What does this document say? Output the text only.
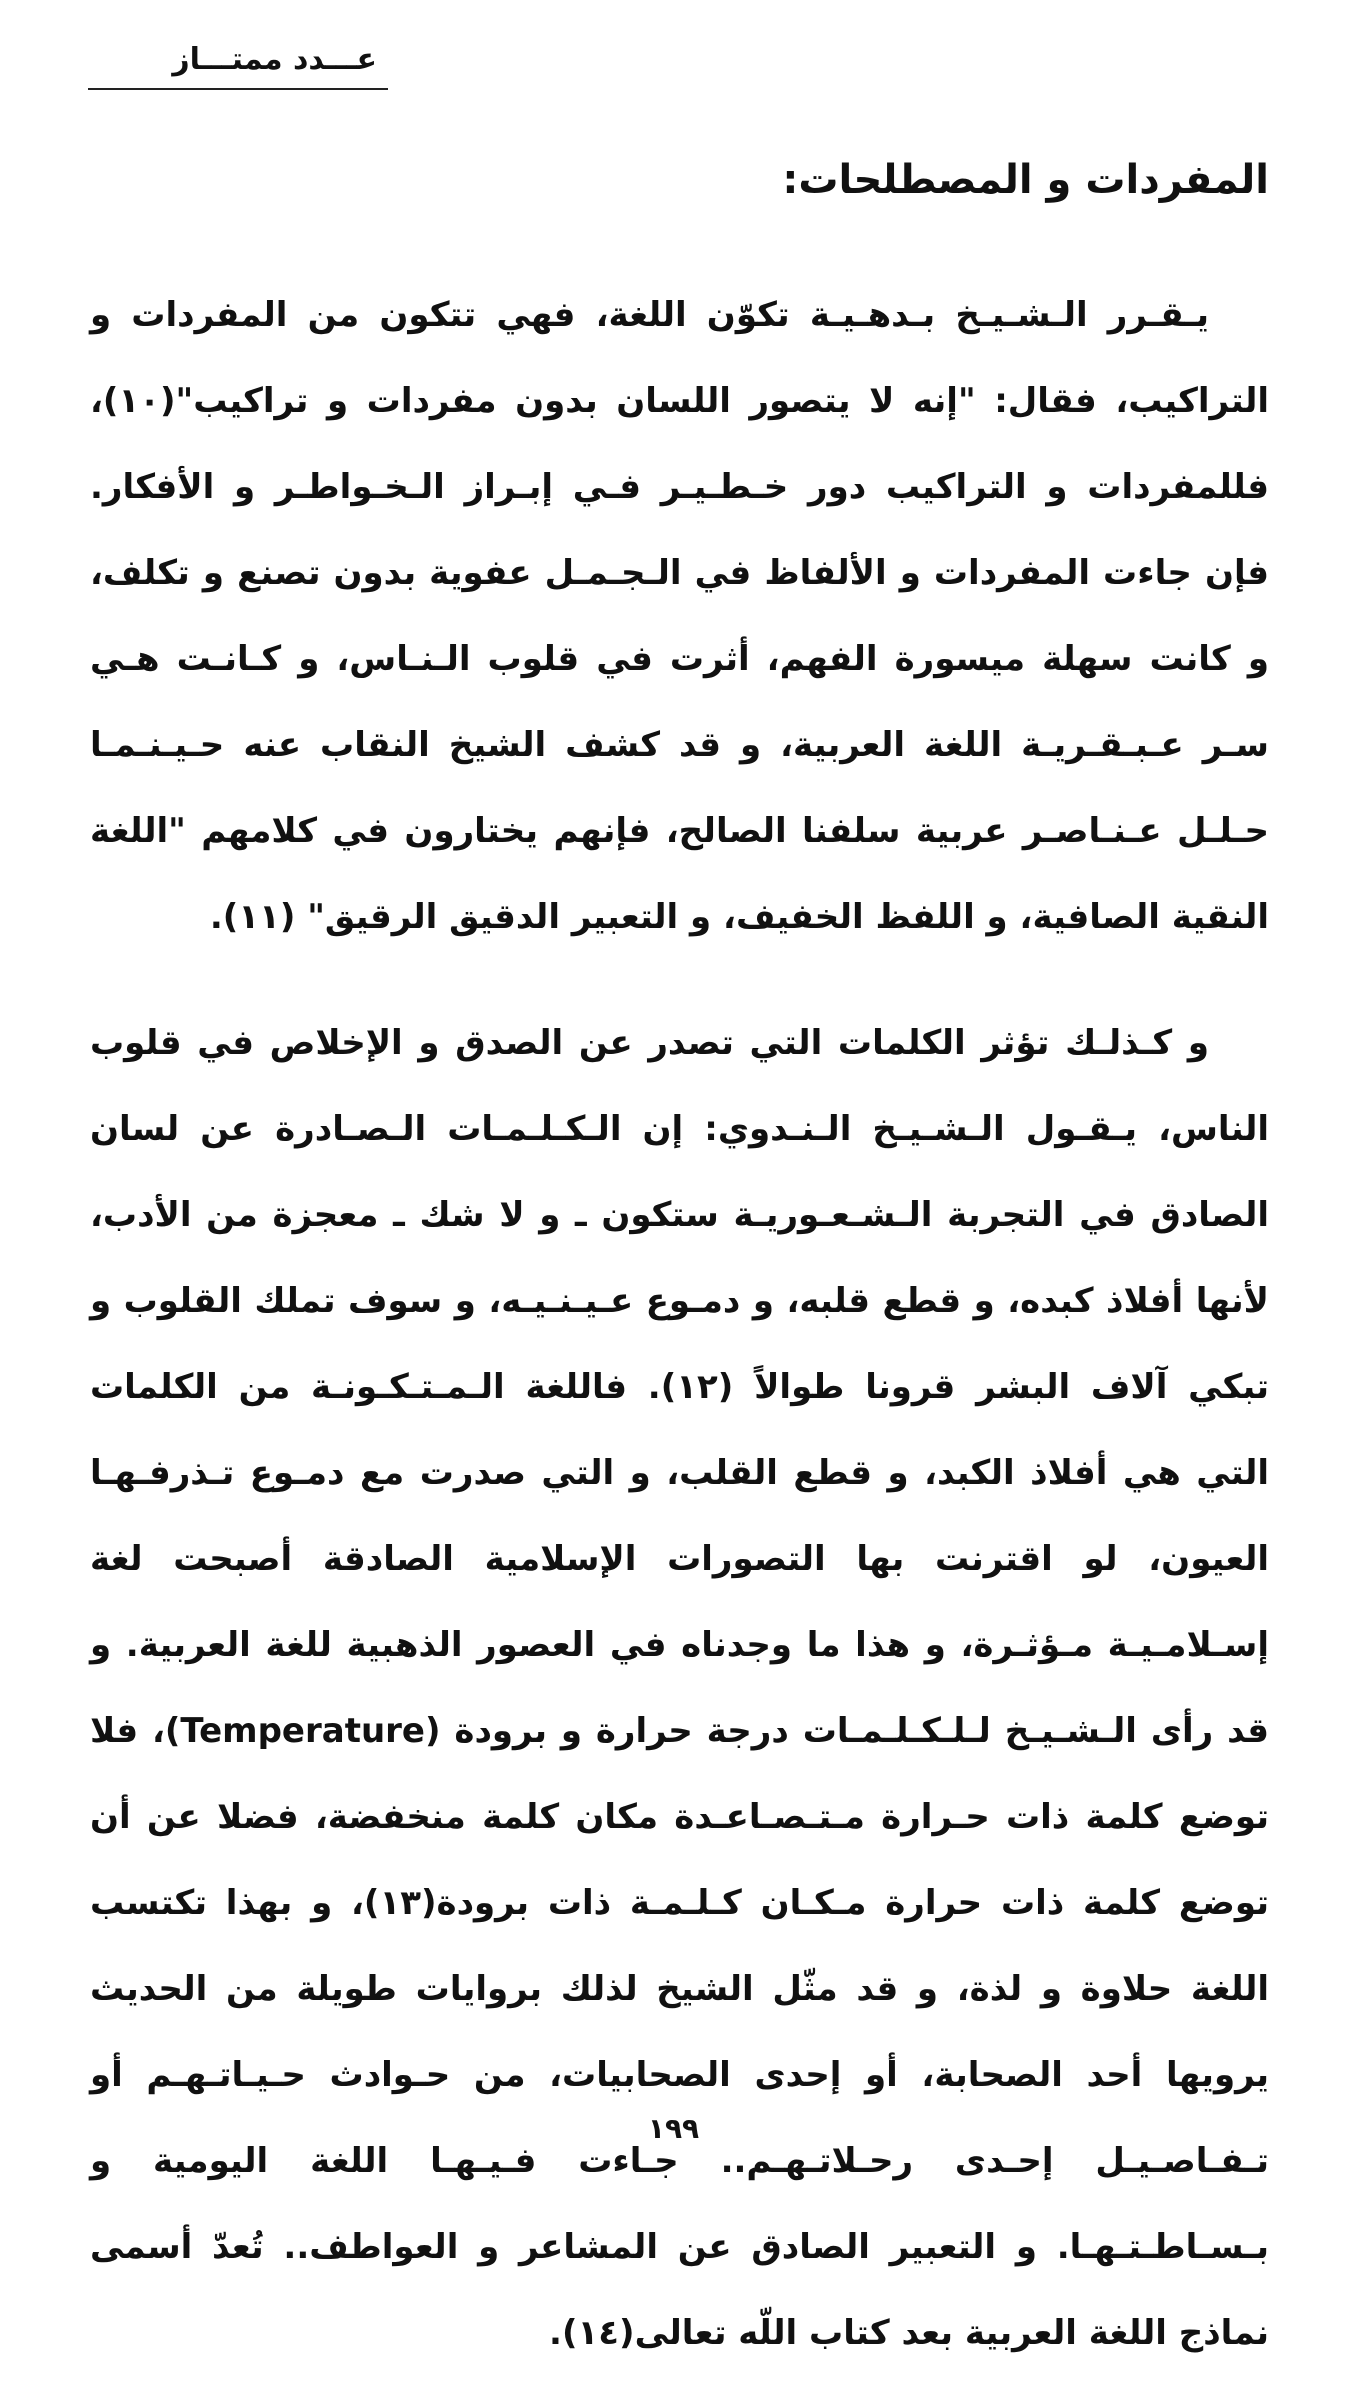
عـــدد ممتـــاز
المفردات و المصطلحات:

يـقـرر الـشـيـخ بـدهـيـة تكوّن اللغة، فهي تتكون من المفردات و التراكيب، فقال: "إنه لا يتصور اللسان بدون مفردات و تراكيب"(١٠)، فللمفردات و التراكيب دور خـطـيـر فـي إبـراز الـخـواطـر و الأفكار. فإن جاءت المفردات و الألفاظ في الـجـمـل عفوية بدون تصنع و تكلف، و كانت سهلة ميسورة الفهم، أثرت في قلوب الـنـاس، و كـانـت هـي سـر عـبـقـريـة اللغة العربية، و قد كشف الشيخ النقاب عنه حـيـنـمـا حـلـل عـنـاصـر عربية سلفنا الصالح، فإنهم يختارون في كلامهم "اللغة النقية الصافية، و اللفظ الخفيف، و التعبير الدقيق الرقيق" (١١).

و كـذلـك تؤثر الكلمات التي تصدر عن الصدق و الإخلاص في قلوب الناس، يـقـول الـشـيـخ الـنـدوي: إن الـكـلـمـات الـصـادرة عن لسان الصادق في التجربة الـشـعـوريـة ستكون ـ و لا شك ـ معجزة من الأدب، لأنها أفلاذ كبده، و قطع قلبه، و دمـوع عـيـنـيـه، و سوف تملك القلوب و تبكي آلاف البشر قرونا طوالاً (١٢). فاللغة الـمـتـكـونـة من الكلمات التي هي أفلاذ الكبد، و قطع القلب، و التي صدرت مع دمـوع تـذرفـهـا العيون، لو اقترنت بها التصورات الإسلامية الصادقة أصبحت لغة إسـلامـيـة مـؤثـرة، و هذا ما وجدناه في العصور الذهبية للغة العربية. و قد رأى الـشـيـخ لـلـكـلـمـات درجة حرارة و برودة (Temperature)، فلا توضع كلمة ذات حـرارة مـتـصـاعـدة مكان كلمة منخفضة، فضلا عن أن توضع كلمة ذات حرارة مـكـان كـلـمـة ذات برودة(١٣)، و بهذا تكتسب اللغة حلاوة و لذة، و قد مثّل الشيخ لذلك بروايات طويلة من الحديث يرويها أحد الصحابة، أو إحدى الصحابيات، من حـوادث حـيـاتـهـم أو تـفـاصـيـل إحـدى رحـلاتـهـم.. جـاءت فـيـهـا اللغة اليومية و بـسـاطـتـهـا. و التعبير الصادق عن المشاعر و العواطف.. تُعدّ أسمى نماذج اللغة العربية بعد كتاب اللّه تعالى(١٤).

١٩٩
